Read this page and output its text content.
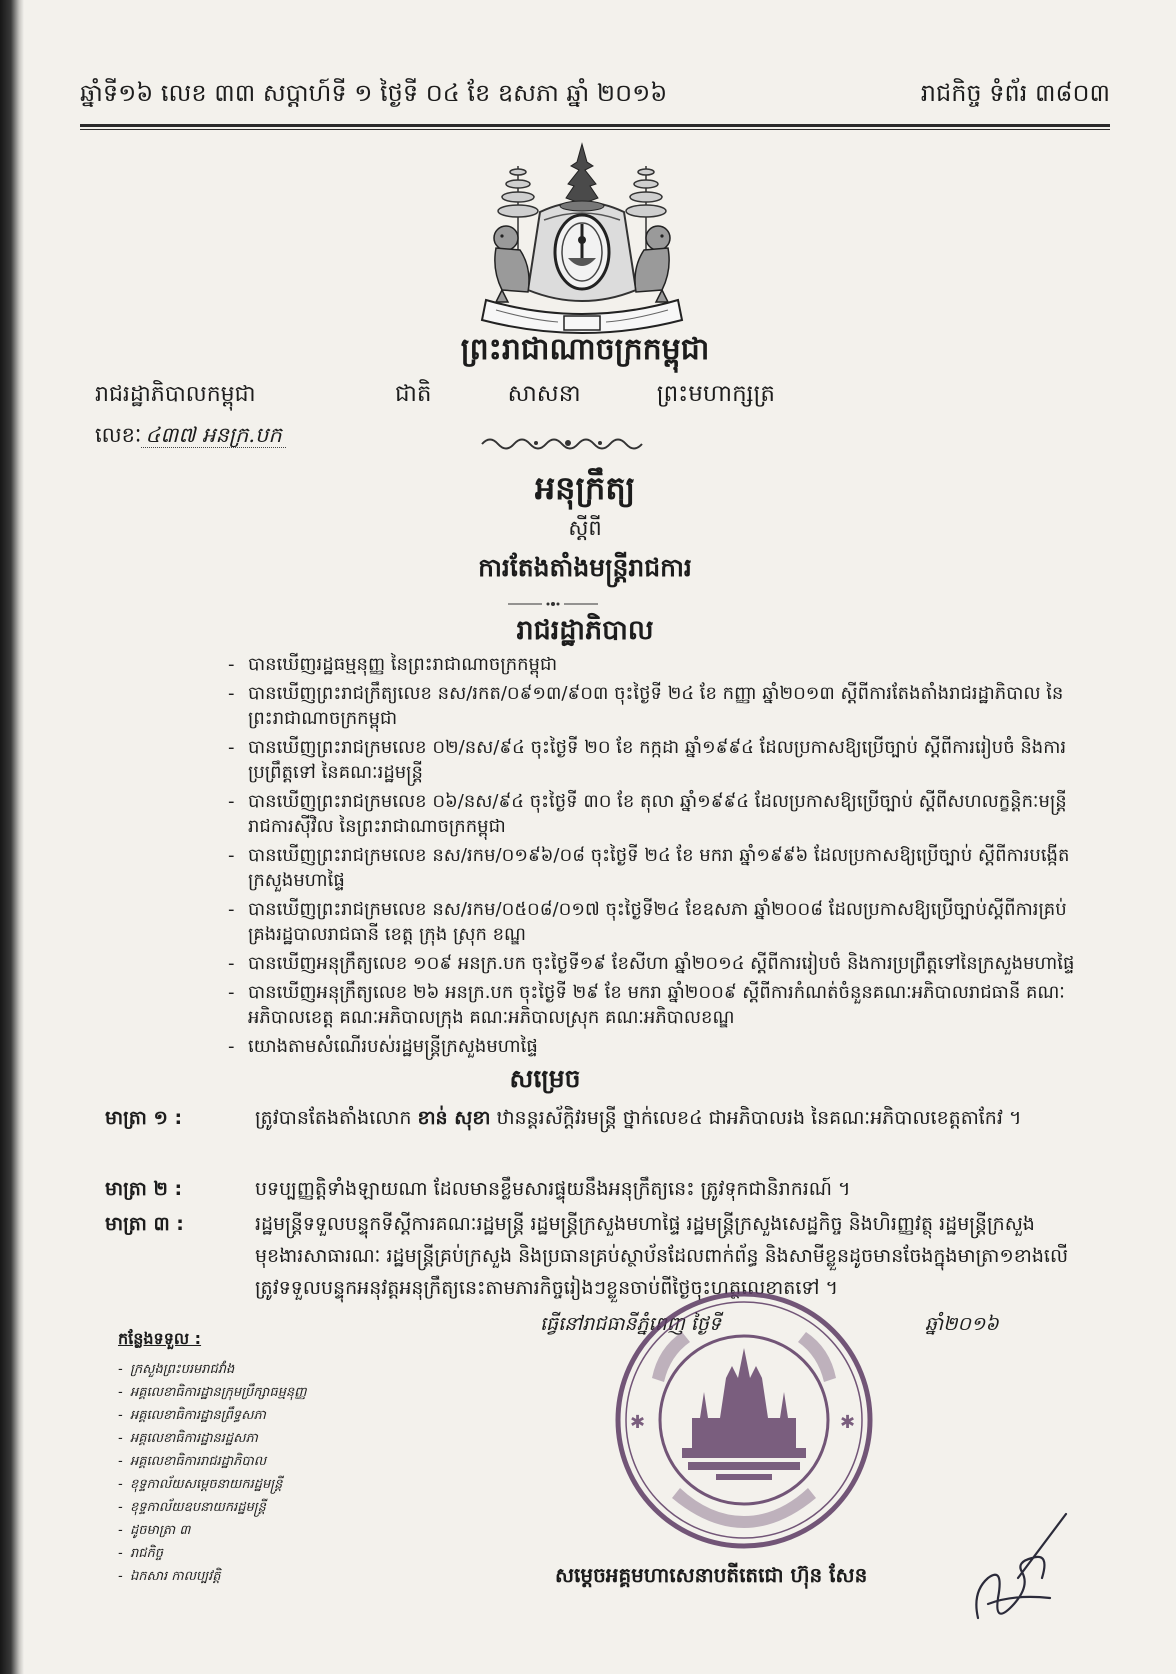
ឆ្នាំទី១៦ លេខ ៣៣ សប្តាហ៍ទី ១ ថ្ងៃទី ០៤ ខែ ឧសភា ឆ្នាំ ២០១៦	រាជកិច្ច ទំព័រ ៣៨០៣
ព្រះរាជាណាចក្រកម្ពុជា
ជាតិ	សាសនា	ព្រះមហាក្សត្រ
រាជរដ្ឋាភិបាលកម្ពុជា
លេខៈ ៤៣៧ អនក្រ.បក
អនុក្រឹត្យ
ស្តីពី
ការតែងតាំងមន្ត្រីរាជការ
រាជរដ្ឋាភិបាល
- បានឃើញរដ្ឋធម្មនុញ្ញ នៃព្រះរាជាណាចក្រកម្ពុជា
- បានឃើញព្រះរាជក្រឹត្យលេខ នស/រកត/០៩១៣/៩០៣ ចុះថ្ងៃទី ២៤ ខែ កញ្ញា ឆ្នាំ២០១៣ ស្តីពីការតែងតាំងរាជរដ្ឋាភិបាល នៃព្រះរាជាណាចក្រកម្ពុជា
- បានឃើញព្រះរាជក្រមលេខ ០២/នស/៩៤ ចុះថ្ងៃទី ២០ ខែ កក្កដា ឆ្នាំ១៩៩៤ ដែលប្រកាសឱ្យប្រើច្បាប់ ស្តីពីការរៀបចំ និងការប្រព្រឹត្តទៅ នៃគណៈរដ្ឋមន្ត្រី
- បានឃើញព្រះរាជក្រមលេខ ០៦/នស/៩៤ ចុះថ្ងៃទី ៣០ ខែ តុលា ឆ្នាំ១៩៩៤ ដែលប្រកាសឱ្យប្រើច្បាប់ ស្តីពីសហលក្ខន្តិកៈមន្ត្រីរាជការស៊ីវិល នៃព្រះរាជាណាចក្រកម្ពុជា
- បានឃើញព្រះរាជក្រមលេខ នស/រកម/០១៩៦/០៨ ចុះថ្ងៃទី ២៤ ខែ មករា ឆ្នាំ១៩៩៦ ដែលប្រកាសឱ្យប្រើច្បាប់ ស្តីពីការបង្កើតក្រសួងមហាផ្ទៃ
- បានឃើញព្រះរាជក្រមលេខ នស/រកម/០៥០៨/០១៧ ចុះថ្ងៃទី២៤ ខែឧសភា ឆ្នាំ២០០៨ ដែលប្រកាសឱ្យប្រើច្បាប់ស្តីពីការគ្រប់គ្រងរដ្ឋបាលរាជធានី ខេត្ត ក្រុង ស្រុក ខណ្ឌ
- បានឃើញអនុក្រឹត្យលេខ ១០៩ អនក្រ.បក ចុះថ្ងៃទី១៩ ខែសីហា ឆ្នាំ២០១៤ ស្តីពីការរៀបចំ និងការប្រព្រឹត្តទៅនៃក្រសួងមហាផ្ទៃ
- បានឃើញអនុក្រឹត្យលេខ ២៦ អនក្រ.បក ចុះថ្ងៃទី ២៩ ខែ មករា ឆ្នាំ២០០៩ ស្តីពីការកំណត់ចំនួនគណៈអភិបាលរាជធានី គណៈអភិបាលខេត្ត គណៈអភិបាលក្រុង គណៈអភិបាលស្រុក គណៈអភិបាលខណ្ឌ
- យោងតាមសំណើរបស់រដ្ឋមន្ត្រីក្រសួងមហាផ្ទៃ
សម្រេច
មាត្រា ១ :	ត្រូវបានតែងតាំងលោក ខាន់ សុខា ឋានន្តរស័ក្តិវរមន្ត្រី ថ្នាក់លេខ៤ ជាអភិបាលរង នៃគណៈអភិបាលខេត្តតាកែវ ។
មាត្រា ២ :	បទប្បញ្ញត្តិទាំងឡាយណា ដែលមានខ្លឹមសារផ្ទុយនឹងអនុក្រឹត្យនេះ ត្រូវទុកជានិរាករណ៍ ។
មាត្រា ៣ :	រដ្ឋមន្ត្រីទទួលបន្ទុកទីស្តីការគណៈរដ្ឋមន្ត្រី រដ្ឋមន្ត្រីក្រសួងមហាផ្ទៃ រដ្ឋមន្ត្រីក្រសួងសេដ្ឋកិច្ច និងហិរញ្ញវត្ថុ រដ្ឋមន្ត្រីក្រសួងមុខងារសាធារណៈ រដ្ឋមន្ត្រីគ្រប់ក្រសួង និងប្រធានគ្រប់ស្ថាប័នដែលពាក់ព័ន្ធ និងសាមីខ្លួនដូចមានចែងក្នុងមាត្រា១ខាងលើ ត្រូវទទួលបន្ទុកអនុវត្តអនុក្រឹត្យនេះតាមភារកិច្ចរៀងៗខ្លួនចាប់ពីថ្ងៃចុះហត្ថលេខាតទៅ ។
ធ្វើនៅរាជធានីភ្នំពេញ ថ្ងៃទី	ឆ្នាំ២០១៦
កន្លែងទទួល :
- ក្រសួងព្រះបរមរាជវាំង
- អគ្គលេខាធិការដ្ឋានក្រុមប្រឹក្សាធម្មនុញ្ញ
- អគ្គលេខាធិការដ្ឋានព្រឹទ្ធសភា
- អគ្គលេខាធិការដ្ឋានរដ្ឋសភា
- អគ្គលេខាធិការរាជរដ្ឋាភិបាល
- ខុទ្ទកាល័យសម្តេចនាយករដ្ឋមន្ត្រី
- ខុទ្ទកាល័យឧបនាយករដ្ឋមន្ត្រី
- ដូចមាត្រា ៣
- រាជកិច្ច
- ឯកសារ កាលប្បវត្តិ
✱	✱
សម្តេចអគ្គមហាសេនាបតីតេជោ ហ៊ុន សែន
